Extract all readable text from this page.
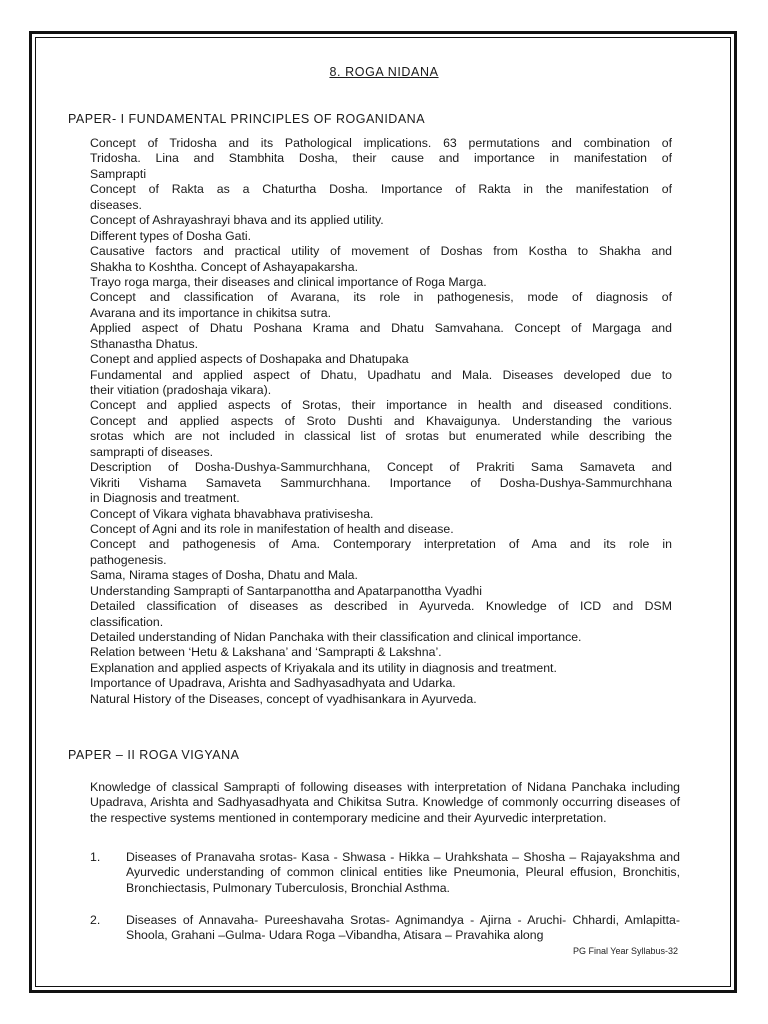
8. ROGA NIDANA
PAPER- I FUNDAMENTAL PRINCIPLES OF ROGANIDANA
Concept of Tridosha and its Pathological implications. 63 permutations and combination of
Tridosha. Lina and Stambhita Dosha, their cause and importance in manifestation of
Samprapti
Concept of Rakta as a Chaturtha Dosha. Importance of Rakta in the manifestation of
diseases.
Concept of Ashrayashrayi bhava and its applied utility.
Different types of Dosha Gati.
Causative factors and practical utility of movement of Doshas from Kostha to Shakha and
Shakha to Koshtha. Concept of Ashayapakarsha.
Trayo roga marga, their diseases and clinical importance of Roga Marga.
Concept and classification of Avarana, its role in pathogenesis, mode of diagnosis of
Avarana and its importance in chikitsa sutra.
Applied aspect of Dhatu Poshana Krama and Dhatu Samvahana. Concept of Margaga and
Sthanastha Dhatus.
Conept and applied aspects of Doshapaka and Dhatupaka
Fundamental and applied aspect of Dhatu, Upadhatu and Mala. Diseases developed due to
their vitiation (pradoshaja vikara).
Concept and applied aspects of Srotas, their importance in health and diseased conditions.
Concept and applied aspects of Sroto Dushti and Khavaigunya. Understanding the various
srotas which are not included in classical list of srotas but enumerated while describing the
samprapti of diseases.
Description of Dosha-Dushya-Sammurchhana, Concept of Prakriti Sama Samaveta and
Vikriti Vishama Samaveta Sammurchhana. Importance of Dosha-Dushya-Sammurchhana
in Diagnosis and treatment.
Concept of Vikara vighata bhavabhava prativisesha.
Concept of Agni and its role in manifestation of health and disease.
Concept and pathogenesis of Ama. Contemporary interpretation of Ama and its role in
pathogenesis.
Sama, Nirama stages of Dosha, Dhatu and Mala.
Understanding Samprapti of Santarpanottha and Apatarpanottha Vyadhi
Detailed classification of diseases as described in Ayurveda. Knowledge of ICD and DSM
classification.
Detailed understanding of Nidan Panchaka with their classification and clinical importance.
Relation between ‘Hetu & Lakshana’ and ‘Samprapti & Lakshna’.
Explanation and applied aspects of Kriyakala and its utility in diagnosis and treatment.
Importance of Upadrava, Arishta and Sadhyasadhyata and Udarka.
Natural History of the Diseases, concept of vyadhisankara in Ayurveda.
PAPER – II ROGA VIGYANA
Knowledge of classical Samprapti of following diseases with interpretation of Nidana Panchaka including Upadrava, Arishta and Sadhyasadhyata and Chikitsa Sutra. Knowledge of commonly occurring diseases of the respective systems mentioned in contemporary medicine and their Ayurvedic interpretation.
1. Diseases of Pranavaha srotas- Kasa - Shwasa - Hikka – Urahkshata – Shosha – Rajayakshma and Ayurvedic understanding of common clinical entities like Pneumonia, Pleural effusion, Bronchitis, Bronchiectasis, Pulmonary Tuberculosis, Bronchial Asthma.
2. Diseases of Annavaha- Pureeshavaha Srotas- Agnimandya - Ajirna - Aruchi- Chhardi, Amlapitta- Shoola, Grahani –Gulma- Udara Roga –Vibandha, Atisara – Pravahika along
PG Final Year Syllabus-32
